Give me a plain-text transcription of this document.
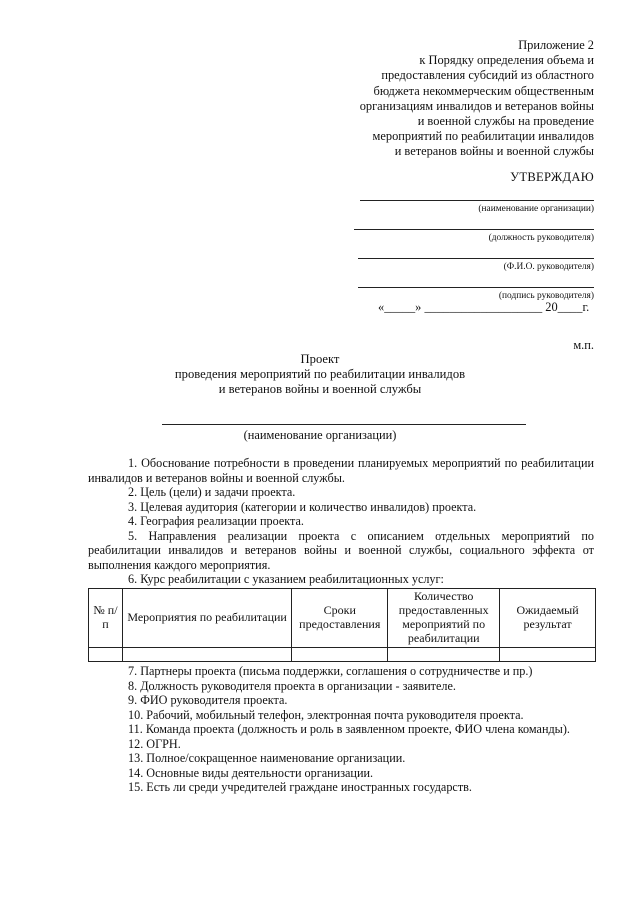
Приложение 2
к Порядку определения объема и
предоставления субсидий из областного
бюджета некоммерческим общественным
организациям инвалидов и ветеранов войны
и военной службы на проведение
мероприятий по реабилитации инвалидов
и ветеранов войны и военной службы
УТВЕРЖДАЮ
(наименование организации)
(должность руководителя)
(Ф.И.О. руководителя)
(подпись руководителя)
«_____» ___________________ 20____г.
м.п.
Проект
проведения мероприятий по реабилитации инвалидов
и ветеранов войны и военной службы
(наименование организации)
1. Обоснование потребности в проведении планируемых мероприятий по реабилитации инвалидов и ветеранов войны и военной службы.
2. Цель (цели) и задачи проекта.
3. Целевая аудитория (категории и количество инвалидов) проекта.
4. География реализации проекта.
5. Направления реализации проекта с описанием отдельных мероприятий по реабилитации инвалидов и ветеранов войны и военной службы, социального эффекта от выполнения каждого мероприятия.
6. Курс реабилитации с указанием реабилитационных услуг:
№ п/п	Мероприятия по реабилитации	Сроки предоставления	Количество предоставленных мероприятий по реабилитации	Ожидаемый результат

7. Партнеры проекта (письма поддержки, соглашения о сотрудничестве и пр.)
8. Должность руководителя проекта в организации - заявителе.
9. ФИО руководителя проекта.
10. Рабочий, мобильный телефон, электронная почта руководителя проекта.
11. Команда проекта (должность и роль в заявленном проекте, ФИО члена команды).
12. ОГРН.
13. Полное/сокращенное наименование организации.
14. Основные виды деятельности организации.
15. Есть ли среди учредителей граждане иностранных государств.
